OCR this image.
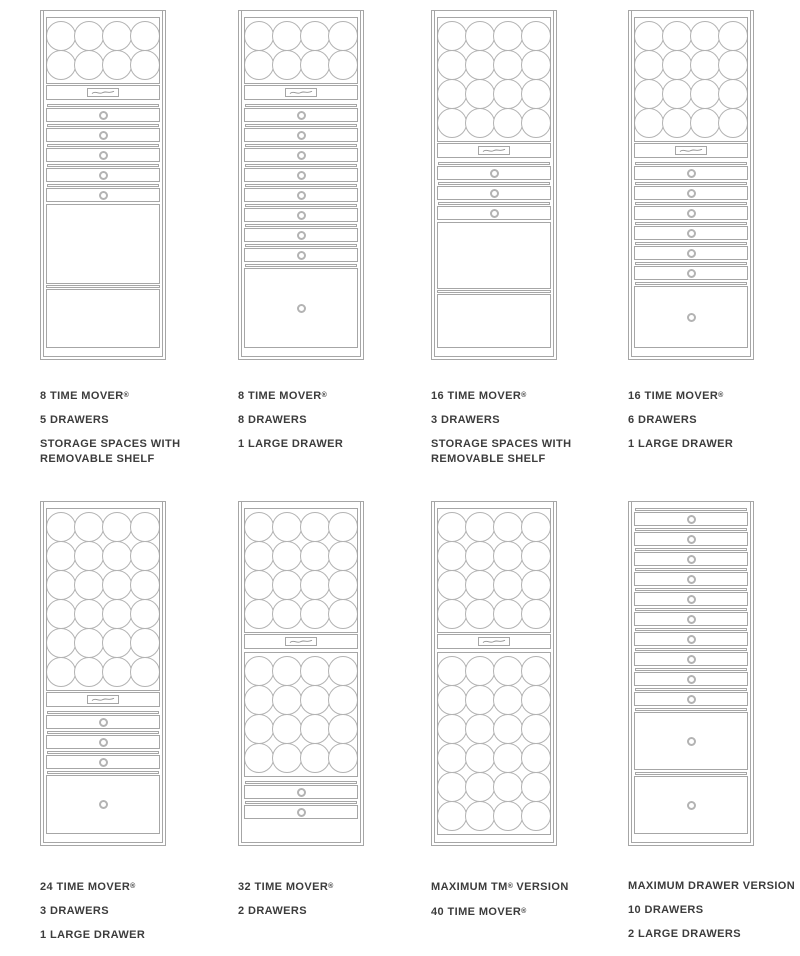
8 TIME MOVER®
5 DRAWERS
STORAGE SPACES WITH REMOVABLE SHELF
8 TIME MOVER®
8 DRAWERS
1 LARGE DRAWER
16 TIME MOVER®
3 DRAWERS
STORAGE SPACES WITH REMOVABLE SHELF
16 TIME MOVER®
6 DRAWERS
1 LARGE DRAWER
24 TIME MOVER®
3 DRAWERS
1 LARGE DRAWER
32 TIME MOVER®
2 DRAWERS
MAXIMUM TM® VERSION
40 TIME MOVER®
MAXIMUM DRAWER VERSION
10 DRAWERS
2 LARGE DRAWERS
